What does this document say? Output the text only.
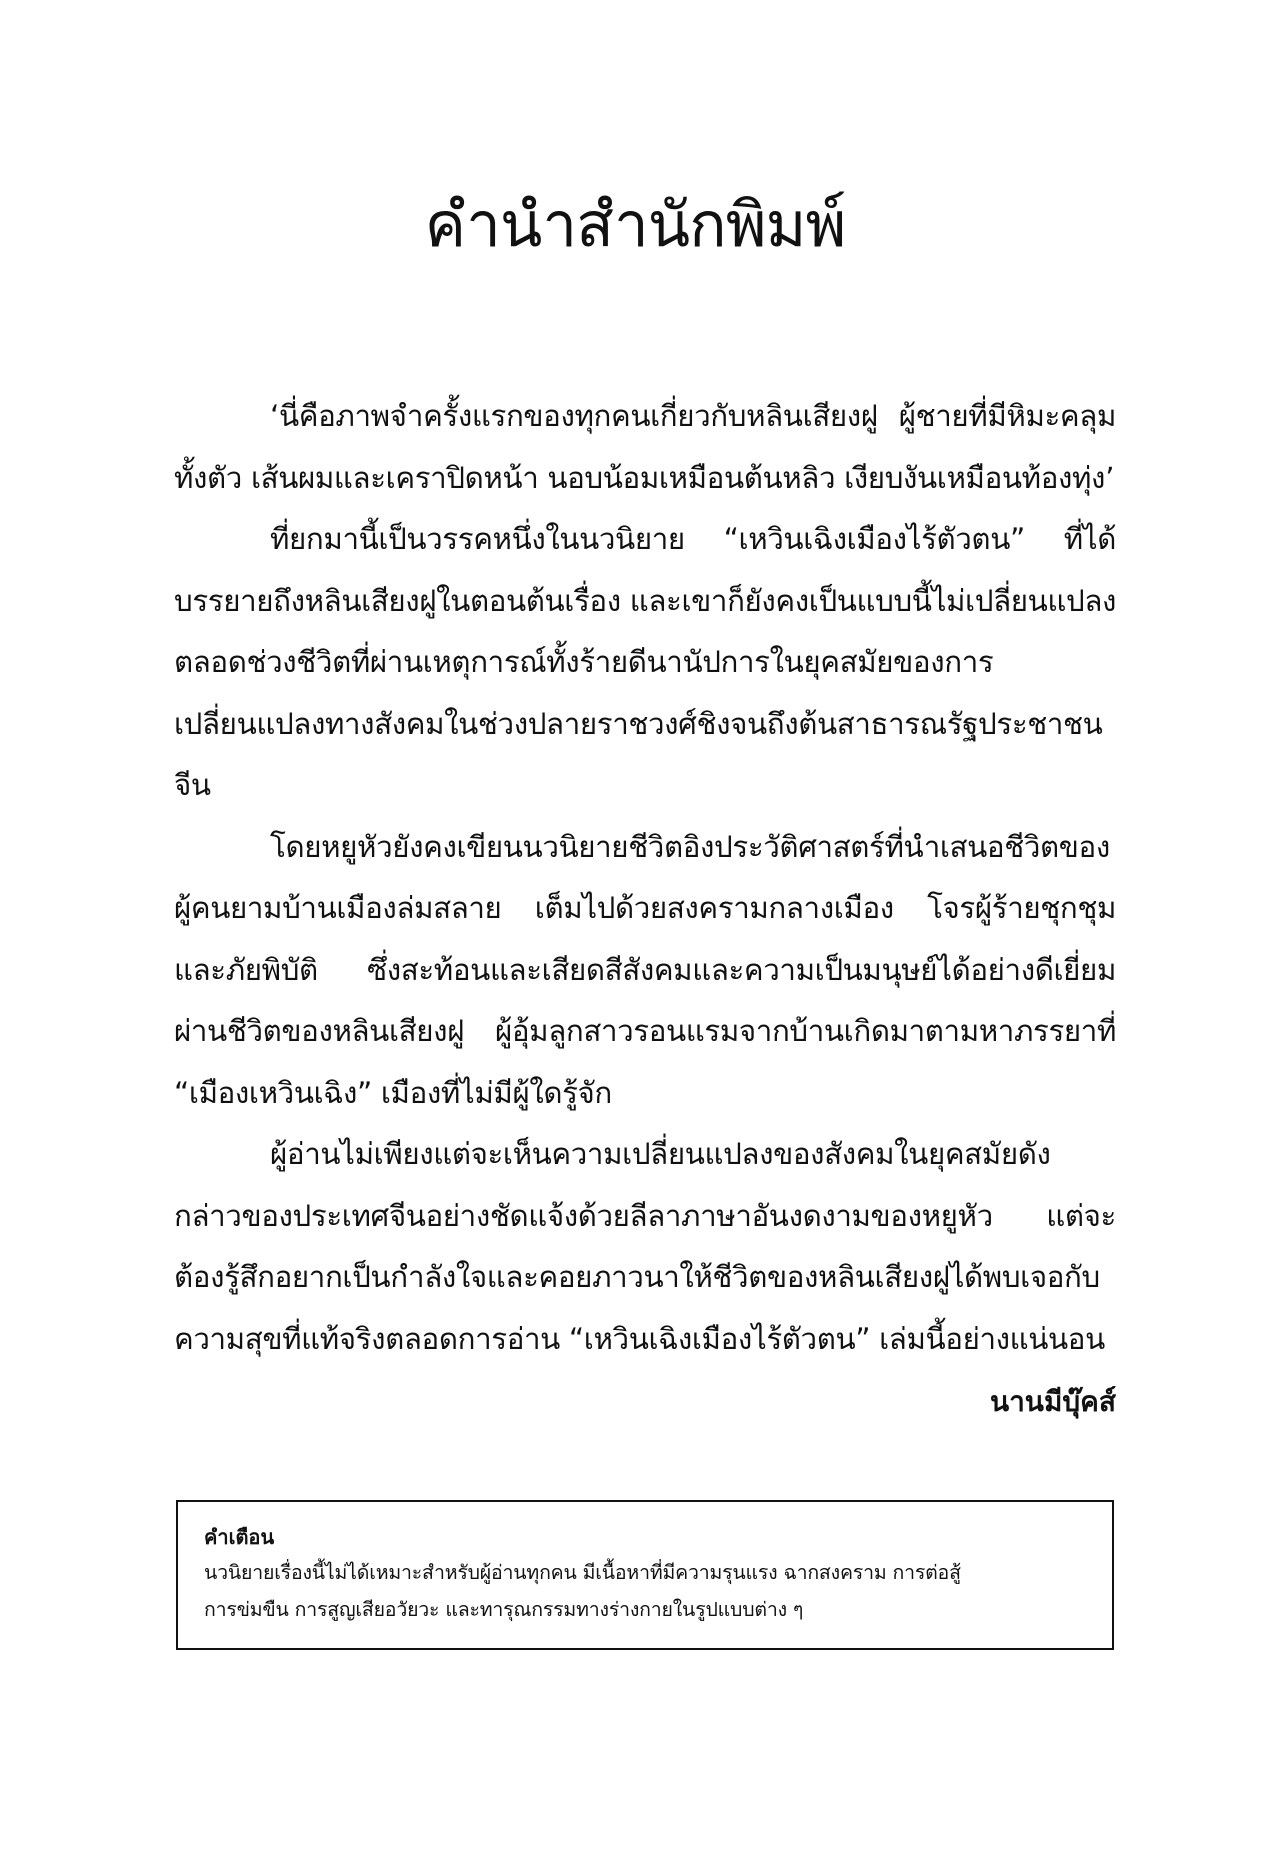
คำนำสำนักพิมพ์

‘นี่คือภาพจำครั้งแรกของทุกคนเกี่ยวกับหลินเสียงฝู ผู้ชายที่มีหิมะคลุมทั้งตัว เส้นผมและเคราปิดหน้า นอบน้อมเหมือนต้นหลิว เงียบงันเหมือนท้องทุ่ง’

ที่ยกมานี้เป็นวรรคหนึ่งในนวนิยาย “เหวินเฉิงเมืองไร้ตัวตน” ที่ได้บรรยายถึงหลินเสียงฝูในตอนต้นเรื่อง และเขาก็ยังคงเป็นแบบนี้ไม่เปลี่ยนแปลงตลอดช่วงชีวิตที่ผ่านเหตุการณ์ทั้งร้ายดีนานัปการในยุคสมัยของการเปลี่ยนแปลงทางสังคมในช่วงปลายราชวงศ์ชิงจนถึงต้นสาธารณรัฐประชาชนจีน

โดยหยูหัวยังคงเขียนนวนิยายชีวิตอิงประวัติศาสตร์ที่นำเสนอชีวิตของผู้คนยามบ้านเมืองล่มสลาย เต็มไปด้วยสงครามกลางเมือง โจรผู้ร้ายชุกชุม และภัยพิบัติ ซึ่งสะท้อนและเสียดสีสังคมและความเป็นมนุษย์ได้อย่างดีเยี่ยม ผ่านชีวิตของหลินเสียงฝู ผู้อุ้มลูกสาวรอนแรมจากบ้านเกิดมาตามหาภรรยาที่ “เมืองเหวินเฉิง” เมืองที่ไม่มีผู้ใดรู้จัก

ผู้อ่านไม่เพียงแต่จะเห็นความเปลี่ยนแปลงของสังคมในยุคสมัยดังกล่าวของประเทศจีนอย่างชัดแจ้งด้วยลีลาภาษาอันงดงามของหยูหัว แต่จะต้องรู้สึกอยากเป็นกำลังใจและคอยภาวนาให้ชีวิตของหลินเสียงฝูได้พบเจอกับความสุขที่แท้จริงตลอดการอ่าน “เหวินเฉิงเมืองไร้ตัวตน” เล่มนี้อย่างแน่นอน

นานมีบุ๊คส์

คำเตือน

นวนิยายเรื่องนี้ไม่ได้เหมาะสำหรับผู้อ่านทุกคน มีเนื้อหาที่มีความรุนแรง ฉากสงคราม การต่อสู้

การข่มขืน การสูญเสียอวัยวะ และทารุณกรรมทางร่างกายในรูปแบบต่าง ๆ
